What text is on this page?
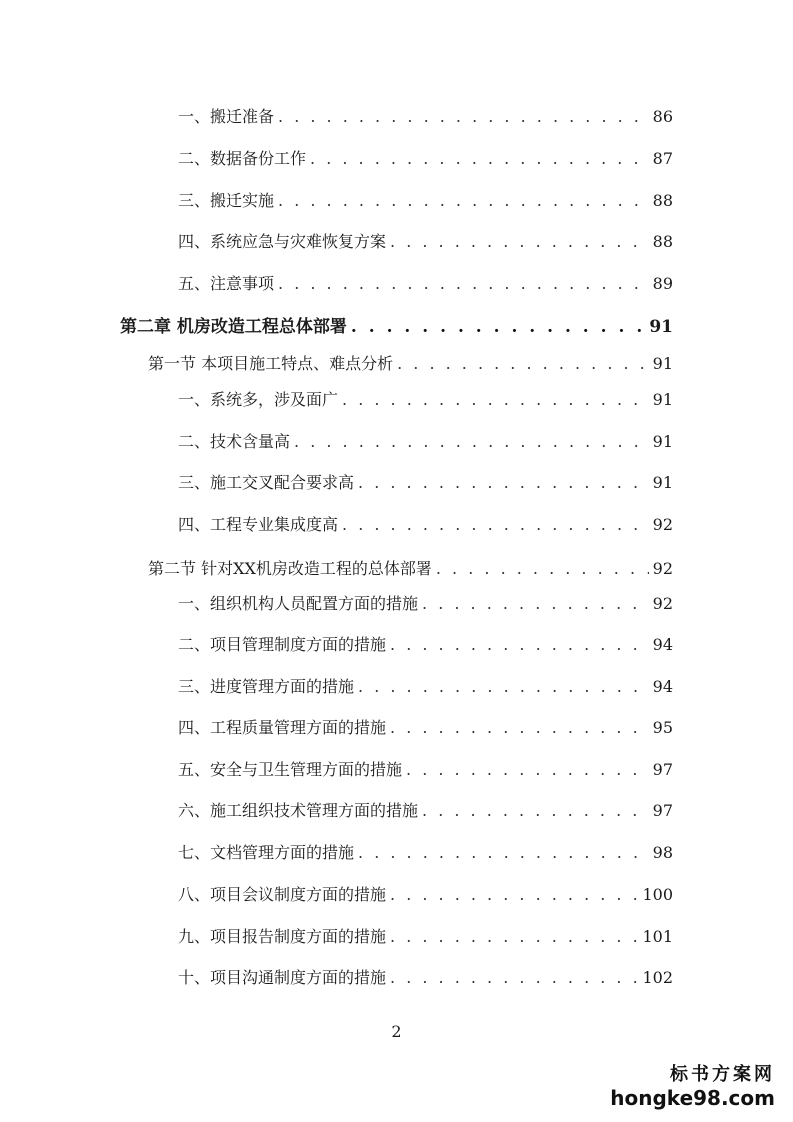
一、搬迁准备 . . .	86
二、数据备份工作 . . .	87
三、搬迁实施 . . .	88
四、系统应急与灾难恢复方案 . . .	88
五、注意事项 . . .	89
第二章 机房改造工程总体部署 . . .	91
第一节 本项目施工特点、难点分析 . . .	91
一、系统多，涉及面广 . . .	91
二、技术含量高 . . .	91
三、施工交叉配合要求高 . . .	91
四、工程专业集成度高 . . .	92
第二节 针对XX机房改造工程的总体部署 . . .	92
一、组织机构人员配置方面的措施 . . .	92
二、项目管理制度方面的措施 . . .	94
三、进度管理方面的措施 . . .	94
四、工程质量管理方面的措施 . . .	95
五、安全与卫生管理方面的措施 . . .	97
六、施工组织技术管理方面的措施 . . .	97
七、文档管理方面的措施 . . .	98
八、项目会议制度方面的措施 . . .	100
九、项目报告制度方面的措施 . . .	101
十、项目沟通制度方面的措施 . . .	102
2
标书方案网
hongke98.com
